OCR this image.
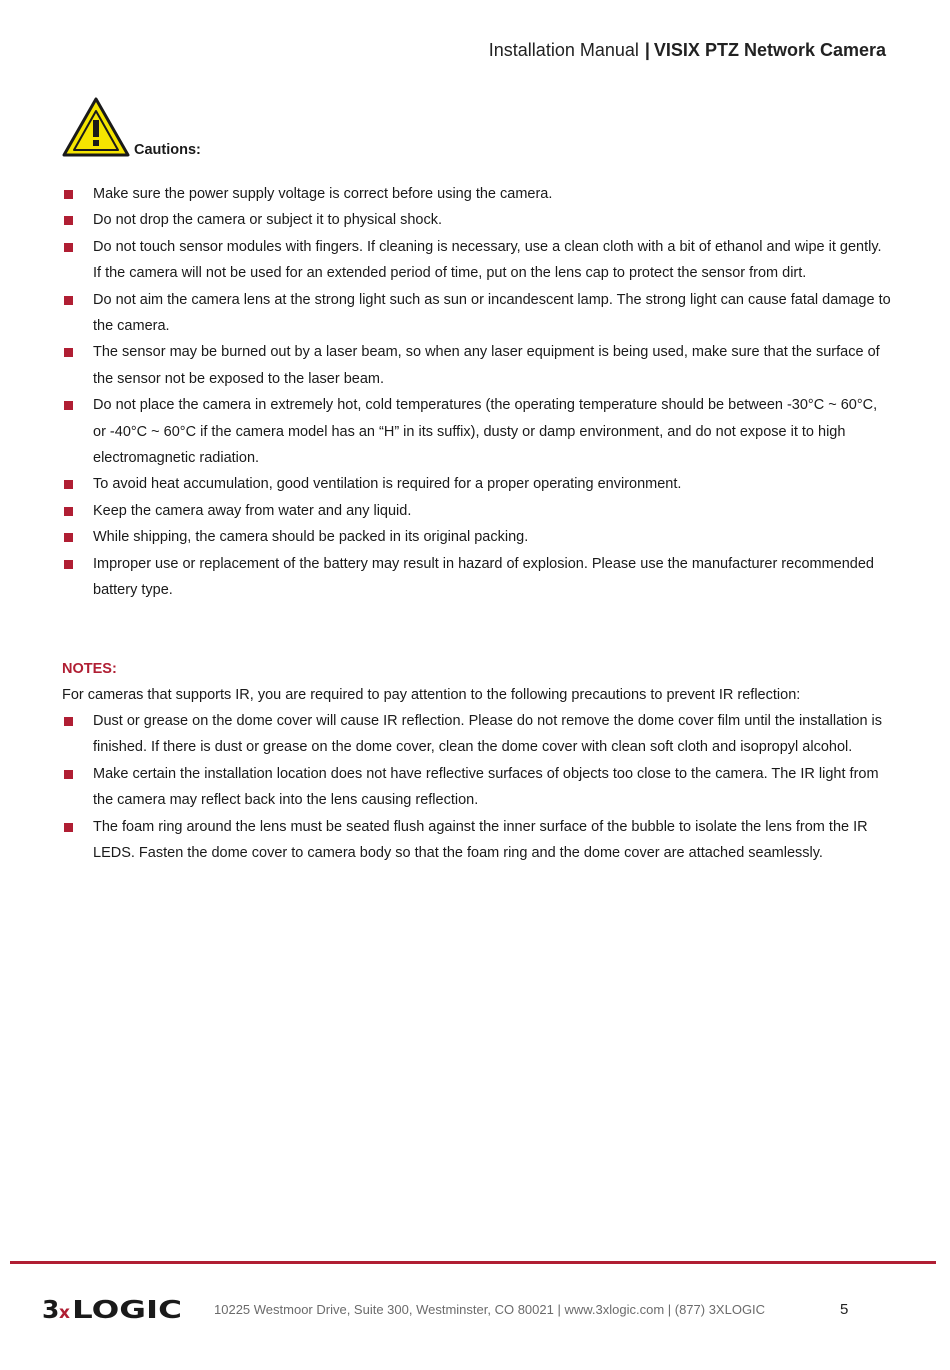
Installation Manual | VISIX PTZ Network Camera
Cautions:
Make sure the power supply voltage is correct before using the camera.
Do not drop the camera or subject it to physical shock.
Do not touch sensor modules with fingers. If cleaning is necessary, use a clean cloth with a bit of ethanol and wipe it gently. If the camera will not be used for an extended period of time, put on the lens cap to protect the sensor from dirt.
Do not aim the camera lens at the strong light such as sun or incandescent lamp. The strong light can cause fatal damage to the camera.
The sensor may be burned out by a laser beam, so when any laser equipment is being used, make sure that the surface of the sensor not be exposed to the laser beam.
Do not place the camera in extremely hot, cold temperatures (the operating temperature should be between -30°C ~ 60°C, or -40°C ~ 60°C if the camera model has an “H” in its suffix), dusty or damp environment, and do not expose it to high electromagnetic radiation.
To avoid heat accumulation, good ventilation is required for a proper operating environment.
Keep the camera away from water and any liquid.
While shipping, the camera should be packed in its original packing.
Improper use or replacement of the battery may result in hazard of explosion. Please use the manufacturer recommended battery type.
NOTES:
For cameras that supports IR, you are required to pay attention to the following precautions to prevent IR reflection:
Dust or grease on the dome cover will cause IR reflection. Please do not remove the dome cover film until the installation is finished. If there is dust or grease on the dome cover, clean the dome cover with clean soft cloth and isopropyl alcohol.
Make certain the installation location does not have reflective surfaces of objects too close to the camera. The IR light from the camera may reflect back into the lens causing reflection.
The foam ring around the lens must be seated flush against the inner surface of the bubble to isolate the lens from the IR LEDS. Fasten the dome cover to camera body so that the foam ring and the dome cover are attached seamlessly.
3 x LOGIC 10225 Westmoor Drive, Suite 300, Westminster, CO 80021 | www.3xlogic.com | (877) 3XLOGIC	5
